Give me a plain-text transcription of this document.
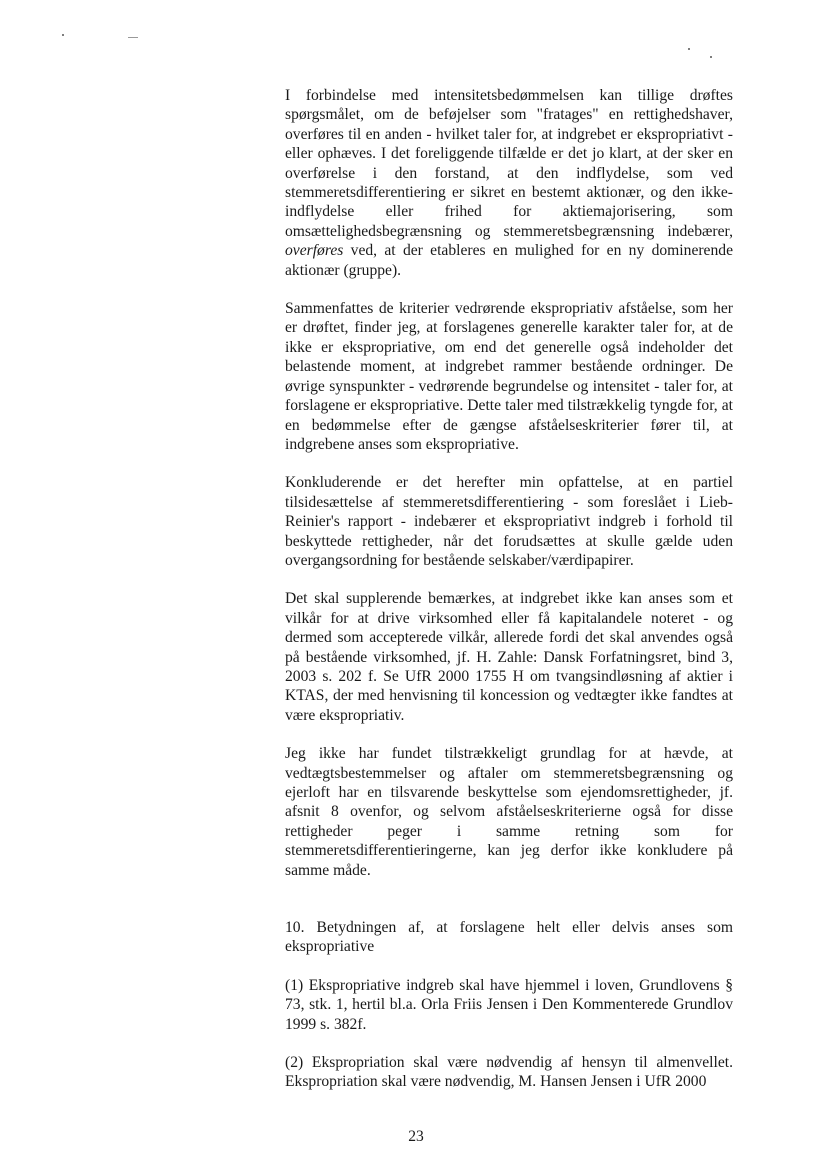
I forbindelse med intensitetsbedømmelsen kan tillige drøftes spørgsmålet, om de beføjelser som "fratages" en rettighedshaver, overføres til en anden - hvilket taler for, at indgrebet er ekspropriativt - eller ophæves. I det foreliggende tilfælde er det jo klart, at der sker en overførelse i den forstand, at den indflydelse, som ved stemmeretsdifferentiering er sikret en bestemt aktionær, og den ikke-indflydelse eller frihed for aktiemajorisering, som omsættelighedsbegrænsning og stemmeretsbegrænsning indebærer, overføres ved, at der etableres en mulighed for en ny dominerende aktionær (gruppe).

Sammenfattes de kriterier vedrørende ekspropriativ afståelse, som her er drøftet, finder jeg, at forslagenes generelle karakter taler for, at de ikke er ekspropriative, om end det generelle også indeholder det belastende moment, at indgrebet rammer bestående ordninger. De øvrige synspunkter - vedrørende begrundelse og intensitet - taler for, at forslagene er ekspropriative. Dette taler med tilstrækkelig tyngde for, at en bedømmelse efter de gængse afståelseskriterier fører til, at indgrebene anses som ekspropriative.

Konkluderende er det herefter min opfattelse, at en partiel tilsidesættelse af stemmeretsdifferentiering - som foreslået i Lieb-Reinier's rapport - indebærer et ekspropriativt indgreb i forhold til beskyttede rettigheder, når det forudsættes at skulle gælde uden overgangsordning for bestående selskaber/værdipapirer.

Det skal supplerende bemærkes, at indgrebet ikke kan anses som et vilkår for at drive virksomhed eller få kapitalandele noteret - og dermed som accepterede vilkår, allerede fordi det skal anvendes også på bestående virksomhed, jf. H. Zahle: Dansk Forfatningsret, bind 3, 2003 s. 202 f. Se UfR 2000 1755 H om tvangsindløsning af aktier i KTAS, der med henvisning til koncession og vedtægter ikke fandtes at være ekspropriativ.

Jeg ikke har fundet tilstrækkeligt grundlag for at hævde, at vedtægtsbestemmelser og aftaler om stemmeretsbegrænsning og ejerloft har en tilsvarende beskyttelse som ejendomsrettigheder, jf. afsnit 8 ovenfor, og selvom afståelseskriterierne også for disse rettigheder peger i samme retning som for stemmeretsdifferentieringerne, kan jeg derfor ikke konkludere på samme måde.

10. Betydningen af, at forslagene helt eller delvis anses som ekspropriative

(1) Ekspropriative indgreb skal have hjemmel i loven, Grundlovens § 73, stk. 1, hertil bl.a. Orla Friis Jensen i Den Kommenterede Grundlov 1999 s. 382f.

(2) Ekspropriation skal være nødvendig af hensyn til almenvellet. Ekspropriation skal være nødvendig, M. Hansen Jensen i UfR 2000

23
